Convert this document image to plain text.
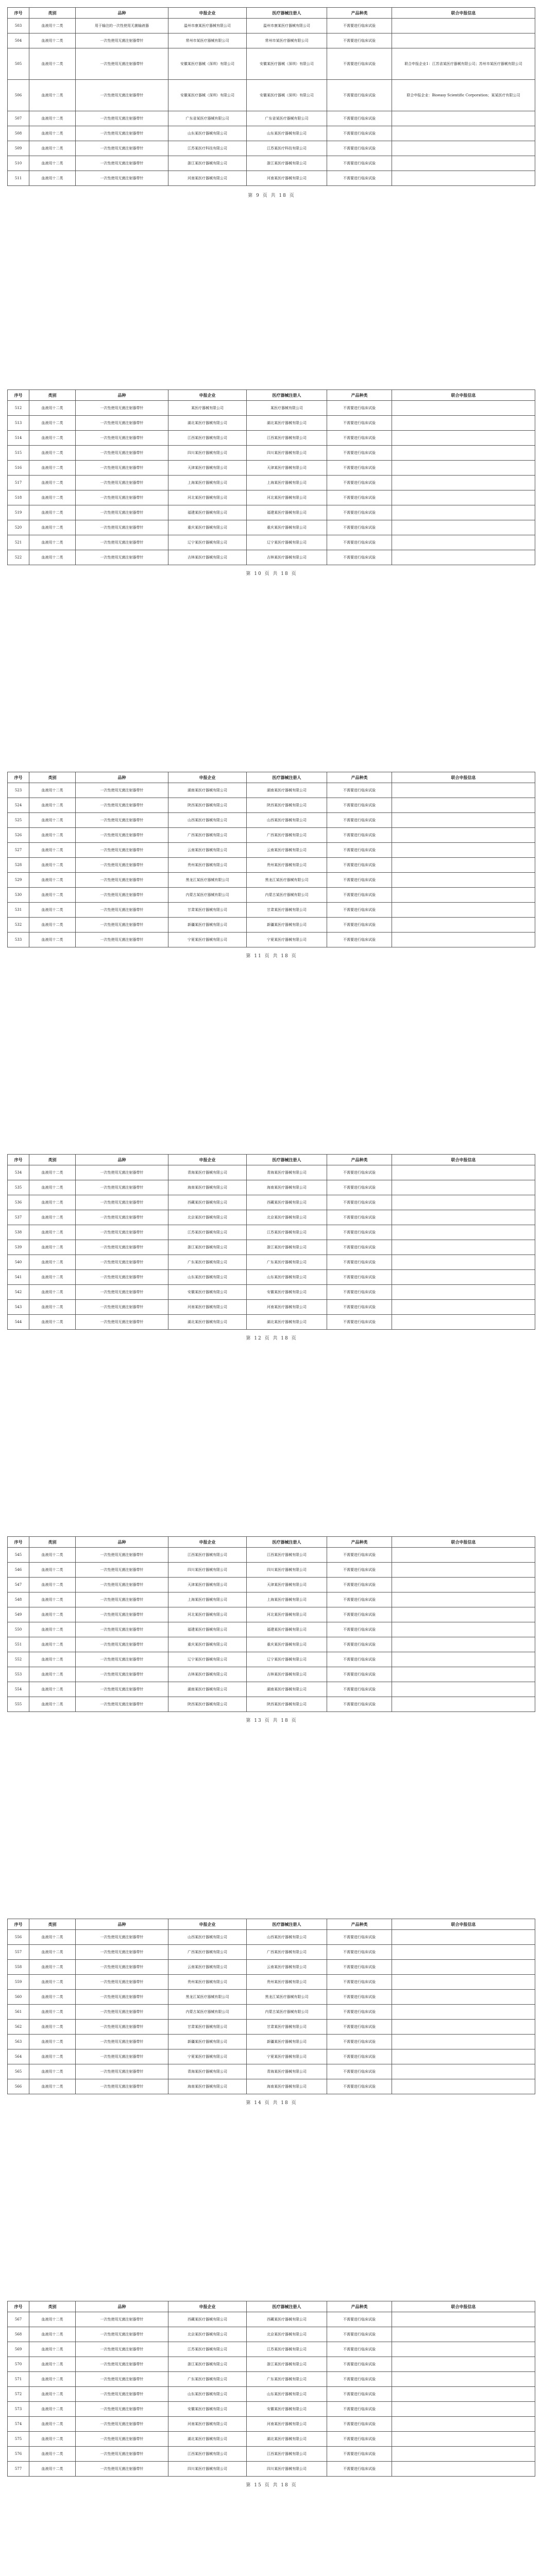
序号	类别	品种	申报企业	医疗器械注册人	产品种类	联合申报信息
503	血液用十二类	用于输注的一次性使用无菌输液器	温州市康某医疗器械有限公司	温州市康某医疗器械有限公司	不需要进行临床试验	
504	血液用十二类	一次性使用无菌注射器带针	常州市某医疗器械有限公司	常州市某医疗器械有限公司	不需要进行临床试验	
505	血液用十二类	一次性使用无菌注射器带针	安徽某医疗器械（深圳）有限公司	安徽某医疗器械（深圳）有限公司	不需要进行临床试验	联合申报企业1：江苏省某医疗器械有限公司；苏州市某医疗器械有限公司
506	血液用十二类	一次性使用无菌注射器带针	安徽某医疗器械（深圳）有限公司	安徽某医疗器械（深圳）有限公司	不需要进行临床试验	联合申报企业：Bioeasy Scientific Corporation；某某医疗有限公司
507	血液用十二类	一次性使用无菌注射器带针	广东省某医疗器械有限公司	广东省某医疗器械有限公司	不需要进行临床试验	
508	血液用十二类	一次性使用无菌注射器带针	山东某医疗器械有限公司	山东某医疗器械有限公司	不需要进行临床试验	
509	血液用十二类	一次性使用无菌注射器带针	江苏某医疗科技有限公司	江苏某医疗科技有限公司	不需要进行临床试验	
510	血液用十二类	一次性使用无菌注射器带针	浙江某医疗器械有限公司	浙江某医疗器械有限公司	不需要进行临床试验	
511	血液用十二类	一次性使用无菌注射器带针	河南某医疗器械有限公司	河南某医疗器械有限公司	不需要进行临床试验	
第 9 页 共 18 页
序号	类别	品种	申报企业	医疗器械注册人	产品种类	联合申报信息
512	血液用十二类	一次性使用无菌注射器带针	某医疗器械有限公司	某医疗器械有限公司	不需要进行临床试验	
513	血液用十二类	一次性使用无菌注射器带针	湖北某医疗器械有限公司	湖北某医疗器械有限公司	不需要进行临床试验	
514	血液用十二类	一次性使用无菌注射器带针	江西某医疗器械有限公司	江西某医疗器械有限公司	不需要进行临床试验	
515	血液用十二类	一次性使用无菌注射器带针	四川某医疗器械有限公司	四川某医疗器械有限公司	不需要进行临床试验	
516	血液用十二类	一次性使用无菌注射器带针	天津某医疗器械有限公司	天津某医疗器械有限公司	不需要进行临床试验	
517	血液用十二类	一次性使用无菌注射器带针	上海某医疗器械有限公司	上海某医疗器械有限公司	不需要进行临床试验	
518	血液用十二类	一次性使用无菌注射器带针	河北某医疗器械有限公司	河北某医疗器械有限公司	不需要进行临床试验	
519	血液用十二类	一次性使用无菌注射器带针	福建某医疗器械有限公司	福建某医疗器械有限公司	不需要进行临床试验	
520	血液用十二类	一次性使用无菌注射器带针	重庆某医疗器械有限公司	重庆某医疗器械有限公司	不需要进行临床试验	
521	血液用十二类	一次性使用无菌注射器带针	辽宁某医疗器械有限公司	辽宁某医疗器械有限公司	不需要进行临床试验	
522	血液用十二类	一次性使用无菌注射器带针	吉林某医疗器械有限公司	吉林某医疗器械有限公司	不需要进行临床试验	
第 10 页 共 18 页
序号	类别	品种	申报企业	医疗器械注册人	产品种类	联合申报信息
523	血液用十二类	一次性使用无菌注射器带针	湖南某医疗器械有限公司	湖南某医疗器械有限公司	不需要进行临床试验	
524	血液用十二类	一次性使用无菌注射器带针	陕西某医疗器械有限公司	陕西某医疗器械有限公司	不需要进行临床试验	
525	血液用十二类	一次性使用无菌注射器带针	山西某医疗器械有限公司	山西某医疗器械有限公司	不需要进行临床试验	
526	血液用十二类	一次性使用无菌注射器带针	广西某医疗器械有限公司	广西某医疗器械有限公司	不需要进行临床试验	
527	血液用十二类	一次性使用无菌注射器带针	云南某医疗器械有限公司	云南某医疗器械有限公司	不需要进行临床试验	
528	血液用十二类	一次性使用无菌注射器带针	贵州某医疗器械有限公司	贵州某医疗器械有限公司	不需要进行临床试验	
529	血液用十二类	一次性使用无菌注射器带针	黑龙江某医疗器械有限公司	黑龙江某医疗器械有限公司	不需要进行临床试验	
530	血液用十二类	一次性使用无菌注射器带针	内蒙古某医疗器械有限公司	内蒙古某医疗器械有限公司	不需要进行临床试验	
531	血液用十二类	一次性使用无菌注射器带针	甘肃某医疗器械有限公司	甘肃某医疗器械有限公司	不需要进行临床试验	
532	血液用十二类	一次性使用无菌注射器带针	新疆某医疗器械有限公司	新疆某医疗器械有限公司	不需要进行临床试验	
533	血液用十二类	一次性使用无菌注射器带针	宁夏某医疗器械有限公司	宁夏某医疗器械有限公司	不需要进行临床试验	
第 11 页 共 18 页
序号	类别	品种	申报企业	医疗器械注册人	产品种类	联合申报信息
534	血液用十二类	一次性使用无菌注射器带针	青海某医疗器械有限公司	青海某医疗器械有限公司	不需要进行临床试验	
535	血液用十二类	一次性使用无菌注射器带针	海南某医疗器械有限公司	海南某医疗器械有限公司	不需要进行临床试验	
536	血液用十二类	一次性使用无菌注射器带针	西藏某医疗器械有限公司	西藏某医疗器械有限公司	不需要进行临床试验	
537	血液用十二类	一次性使用无菌注射器带针	北京某医疗器械有限公司	北京某医疗器械有限公司	不需要进行临床试验	
538	血液用十二类	一次性使用无菌注射器带针	江苏某医疗器械有限公司	江苏某医疗器械有限公司	不需要进行临床试验	
539	血液用十二类	一次性使用无菌注射器带针	浙江某医疗器械有限公司	浙江某医疗器械有限公司	不需要进行临床试验	
540	血液用十二类	一次性使用无菌注射器带针	广东某医疗器械有限公司	广东某医疗器械有限公司	不需要进行临床试验	
541	血液用十二类	一次性使用无菌注射器带针	山东某医疗器械有限公司	山东某医疗器械有限公司	不需要进行临床试验	
542	血液用十二类	一次性使用无菌注射器带针	安徽某医疗器械有限公司	安徽某医疗器械有限公司	不需要进行临床试验	
543	血液用十二类	一次性使用无菌注射器带针	河南某医疗器械有限公司	河南某医疗器械有限公司	不需要进行临床试验	
544	血液用十二类	一次性使用无菌注射器带针	湖北某医疗器械有限公司	湖北某医疗器械有限公司	不需要进行临床试验	
第 12 页 共 18 页
序号	类别	品种	申报企业	医疗器械注册人	产品种类	联合申报信息
545	血液用十二类	一次性使用无菌注射器带针	江西某医疗器械有限公司	江西某医疗器械有限公司	不需要进行临床试验	
546	血液用十二类	一次性使用无菌注射器带针	四川某医疗器械有限公司	四川某医疗器械有限公司	不需要进行临床试验	
547	血液用十二类	一次性使用无菌注射器带针	天津某医疗器械有限公司	天津某医疗器械有限公司	不需要进行临床试验	
548	血液用十二类	一次性使用无菌注射器带针	上海某医疗器械有限公司	上海某医疗器械有限公司	不需要进行临床试验	
549	血液用十二类	一次性使用无菌注射器带针	河北某医疗器械有限公司	河北某医疗器械有限公司	不需要进行临床试验	
550	血液用十二类	一次性使用无菌注射器带针	福建某医疗器械有限公司	福建某医疗器械有限公司	不需要进行临床试验	
551	血液用十二类	一次性使用无菌注射器带针	重庆某医疗器械有限公司	重庆某医疗器械有限公司	不需要进行临床试验	
552	血液用十二类	一次性使用无菌注射器带针	辽宁某医疗器械有限公司	辽宁某医疗器械有限公司	不需要进行临床试验	
553	血液用十二类	一次性使用无菌注射器带针	吉林某医疗器械有限公司	吉林某医疗器械有限公司	不需要进行临床试验	
554	血液用十二类	一次性使用无菌注射器带针	湖南某医疗器械有限公司	湖南某医疗器械有限公司	不需要进行临床试验	
555	血液用十二类	一次性使用无菌注射器带针	陕西某医疗器械有限公司	陕西某医疗器械有限公司	不需要进行临床试验	
第 13 页 共 18 页
序号	类别	品种	申报企业	医疗器械注册人	产品种类	联合申报信息
556	血液用十二类	一次性使用无菌注射器带针	山西某医疗器械有限公司	山西某医疗器械有限公司	不需要进行临床试验	
557	血液用十二类	一次性使用无菌注射器带针	广西某医疗器械有限公司	广西某医疗器械有限公司	不需要进行临床试验	
558	血液用十二类	一次性使用无菌注射器带针	云南某医疗器械有限公司	云南某医疗器械有限公司	不需要进行临床试验	
559	血液用十二类	一次性使用无菌注射器带针	贵州某医疗器械有限公司	贵州某医疗器械有限公司	不需要进行临床试验	
560	血液用十二类	一次性使用无菌注射器带针	黑龙江某医疗器械有限公司	黑龙江某医疗器械有限公司	不需要进行临床试验	
561	血液用十二类	一次性使用无菌注射器带针	内蒙古某医疗器械有限公司	内蒙古某医疗器械有限公司	不需要进行临床试验	
562	血液用十二类	一次性使用无菌注射器带针	甘肃某医疗器械有限公司	甘肃某医疗器械有限公司	不需要进行临床试验	
563	血液用十二类	一次性使用无菌注射器带针	新疆某医疗器械有限公司	新疆某医疗器械有限公司	不需要进行临床试验	
564	血液用十二类	一次性使用无菌注射器带针	宁夏某医疗器械有限公司	宁夏某医疗器械有限公司	不需要进行临床试验	
565	血液用十二类	一次性使用无菌注射器带针	青海某医疗器械有限公司	青海某医疗器械有限公司	不需要进行临床试验	
566	血液用十二类	一次性使用无菌注射器带针	海南某医疗器械有限公司	海南某医疗器械有限公司	不需要进行临床试验	
第 14 页 共 18 页
序号	类别	品种	申报企业	医疗器械注册人	产品种类	联合申报信息
567	血液用十二类	一次性使用无菌注射器带针	西藏某医疗器械有限公司	西藏某医疗器械有限公司	不需要进行临床试验	
568	血液用十二类	一次性使用无菌注射器带针	北京某医疗器械有限公司	北京某医疗器械有限公司	不需要进行临床试验	
569	血液用十二类	一次性使用无菌注射器带针	江苏某医疗器械有限公司	江苏某医疗器械有限公司	不需要进行临床试验	
570	血液用十二类	一次性使用无菌注射器带针	浙江某医疗器械有限公司	浙江某医疗器械有限公司	不需要进行临床试验	
571	血液用十二类	一次性使用无菌注射器带针	广东某医疗器械有限公司	广东某医疗器械有限公司	不需要进行临床试验	
572	血液用十二类	一次性使用无菌注射器带针	山东某医疗器械有限公司	山东某医疗器械有限公司	不需要进行临床试验	
573	血液用十二类	一次性使用无菌注射器带针	安徽某医疗器械有限公司	安徽某医疗器械有限公司	不需要进行临床试验	
574	血液用十二类	一次性使用无菌注射器带针	河南某医疗器械有限公司	河南某医疗器械有限公司	不需要进行临床试验	
575	血液用十二类	一次性使用无菌注射器带针	湖北某医疗器械有限公司	湖北某医疗器械有限公司	不需要进行临床试验	
576	血液用十二类	一次性使用无菌注射器带针	江西某医疗器械有限公司	江西某医疗器械有限公司	不需要进行临床试验	
577	血液用十二类	一次性使用无菌注射器带针	四川某医疗器械有限公司	四川某医疗器械有限公司	不需要进行临床试验	
第 15 页 共 18 页
